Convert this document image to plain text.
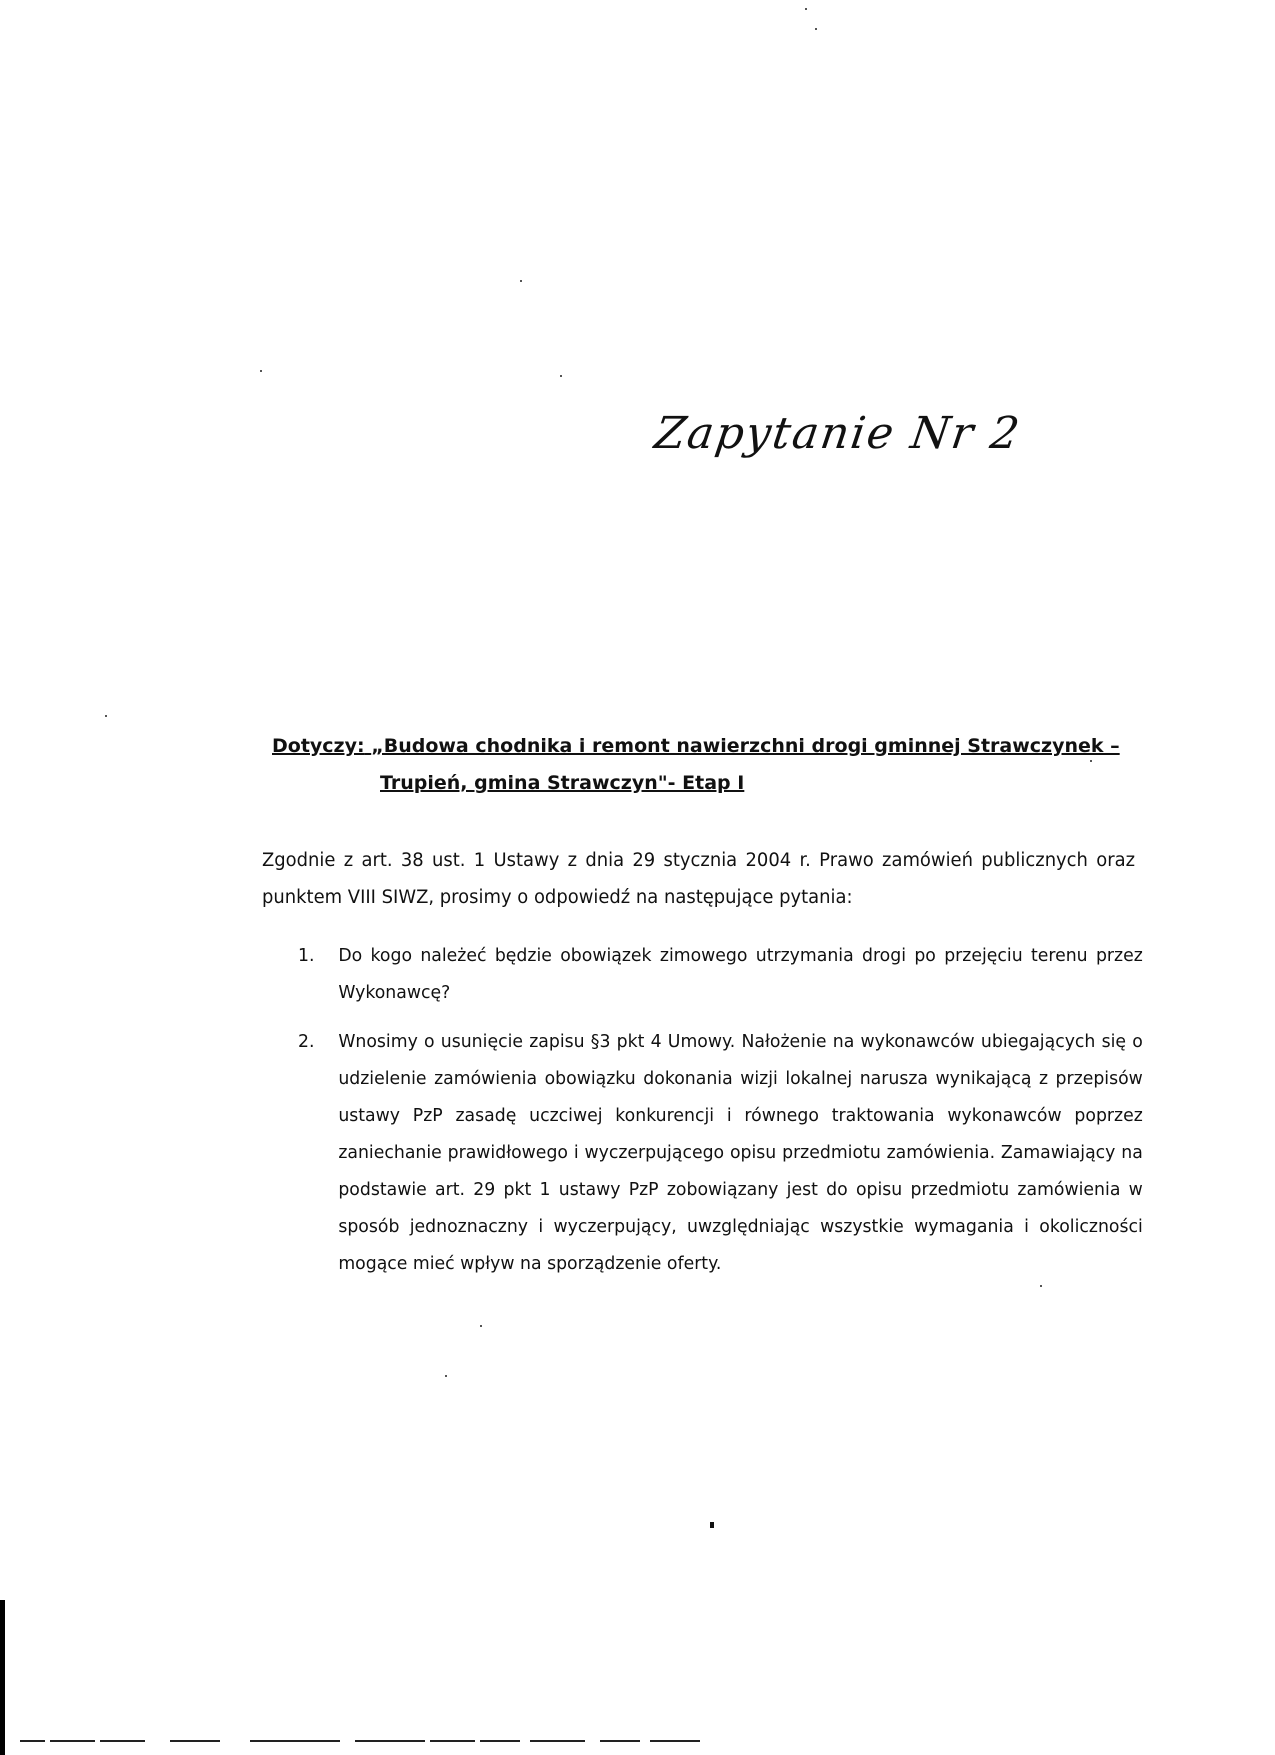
Zapytanie Nr 2
Dotyczy: „Budowa chodnika i remont nawierzchni drogi gminnej Strawczynek –
Trupień, gmina Strawczyn"- Etap I
Zgodnie z art. 38 ust. 1 Ustawy z dnia 29 stycznia 2004 r. Prawo zamówień publicznych oraz punktem VIII SIWZ, prosimy o odpowiedź na następujące pytania:
1. Do kogo należeć będzie obowiązek zimowego utrzymania drogi po przejęciu terenu przez Wykonawcę?
2. Wnosimy o usunięcie zapisu §3 pkt 4 Umowy. Nałożenie na wykonawców ubiegających się o udzielenie zamówienia obowiązku dokonania wizji lokalnej narusza wynikającą z przepisów ustawy PzP zasadę uczciwej konkurencji i równego traktowania wykonawców poprzez zaniechanie prawidłowego i wyczerpującego opisu przedmiotu zamówienia. Zamawiający na podstawie art. 29 pkt 1 ustawy PzP zobowiązany jest do opisu przedmiotu zamówienia w sposób jednoznaczny i wyczerpujący, uwzględniając wszystkie wymagania i okoliczności mogące mieć wpływ na sporządzenie oferty.
